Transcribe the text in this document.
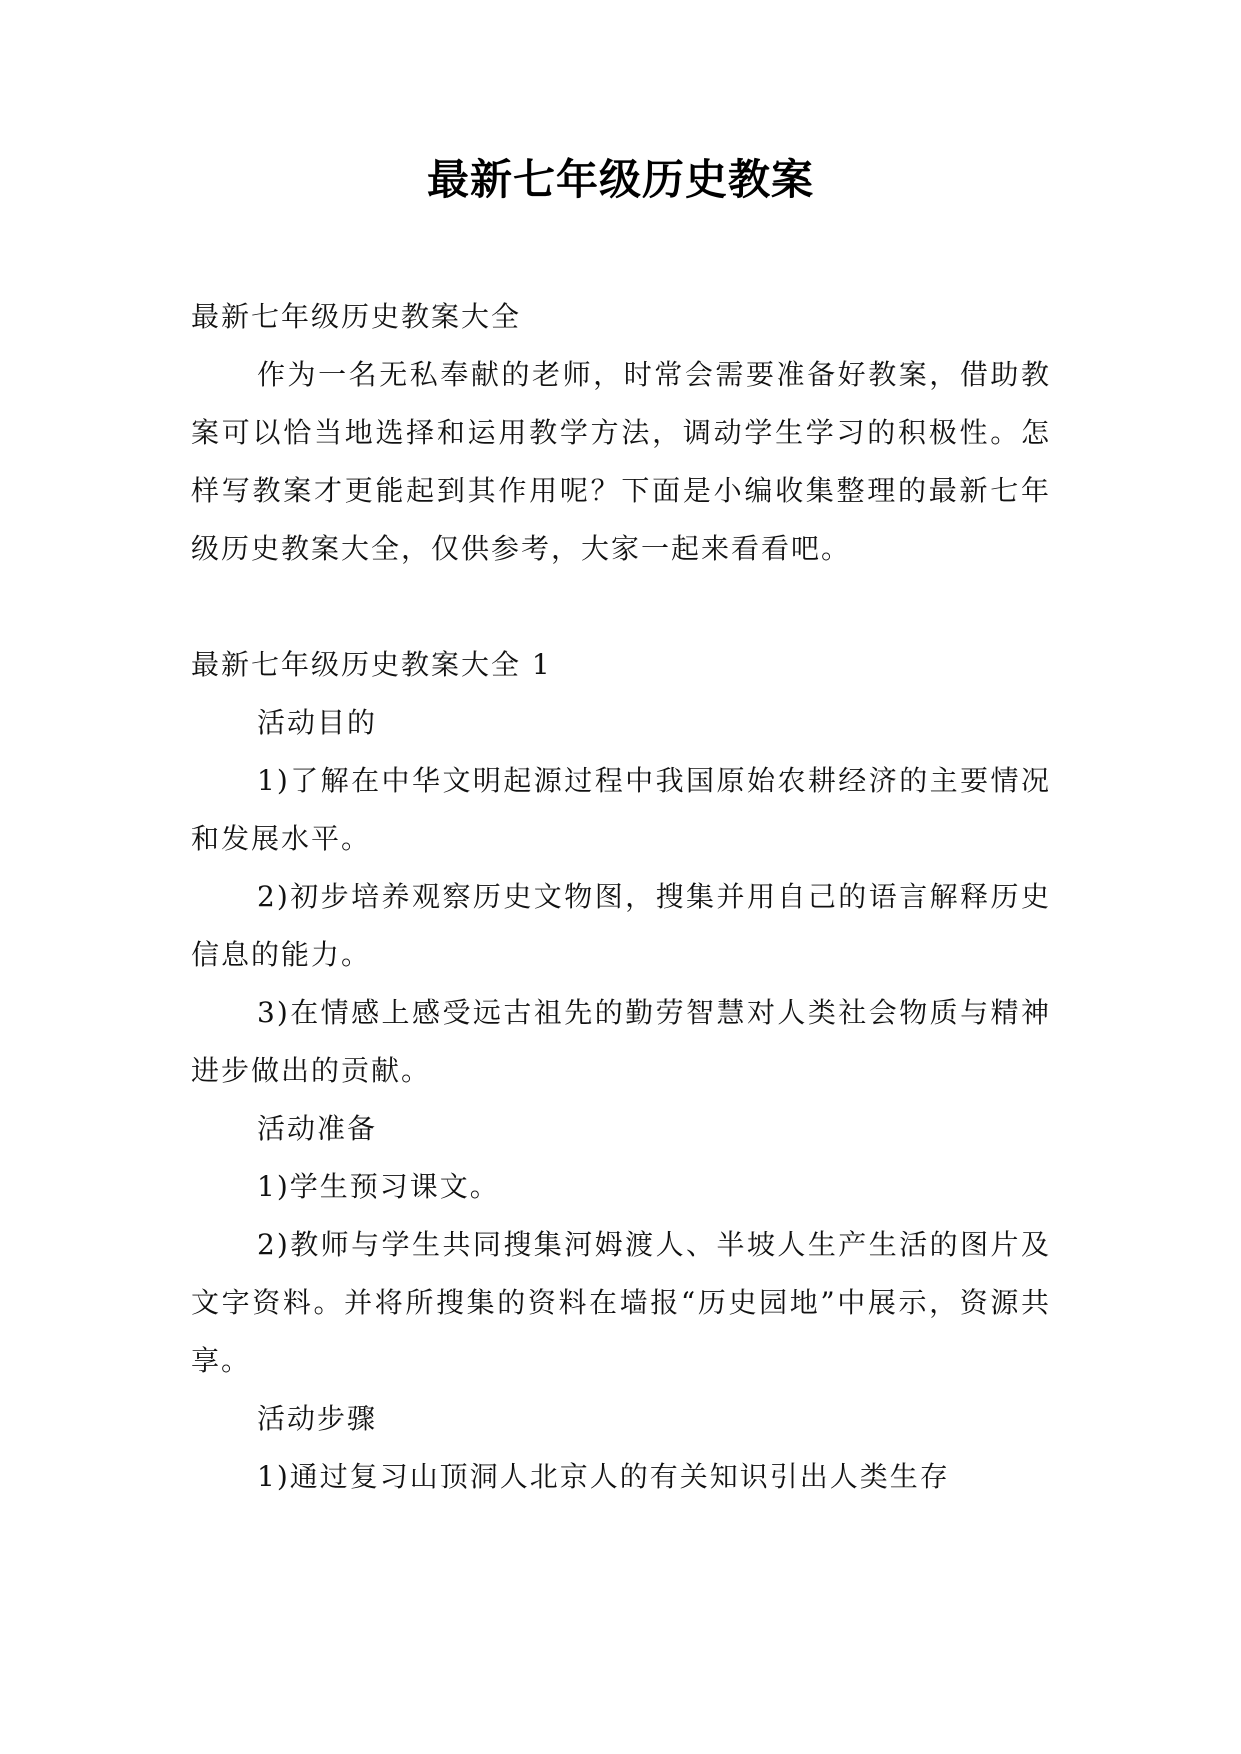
最新七年级历史教案

最新七年级历史教案大全

作为一名无私奉献的老师，时常会需要准备好教案，借助教案可以恰当地选择和运用教学方法，调动学生学习的积极性。怎样写教案才更能起到其作用呢？下面是小编收集整理的最新七年级历史教案大全，仅供参考，大家一起来看看吧。

最新七年级历史教案大全 1

活动目的

1)了解在中华文明起源过程中我国原始农耕经济的主要情况和发展水平。

2)初步培养观察历史文物图，搜集并用自己的语言解释历史信息的能力。

3)在情感上感受远古祖先的勤劳智慧对人类社会物质与精神进步做出的贡献。

活动准备

1)学生预习课文。

2)教师与学生共同搜集河姆渡人、半坡人生产生活的图片及文字资料。并将所搜集的资料在墙报“历史园地”中展示，资源共享。

活动步骤

1)通过复习山顶洞人北京人的有关知识引出人类生存
